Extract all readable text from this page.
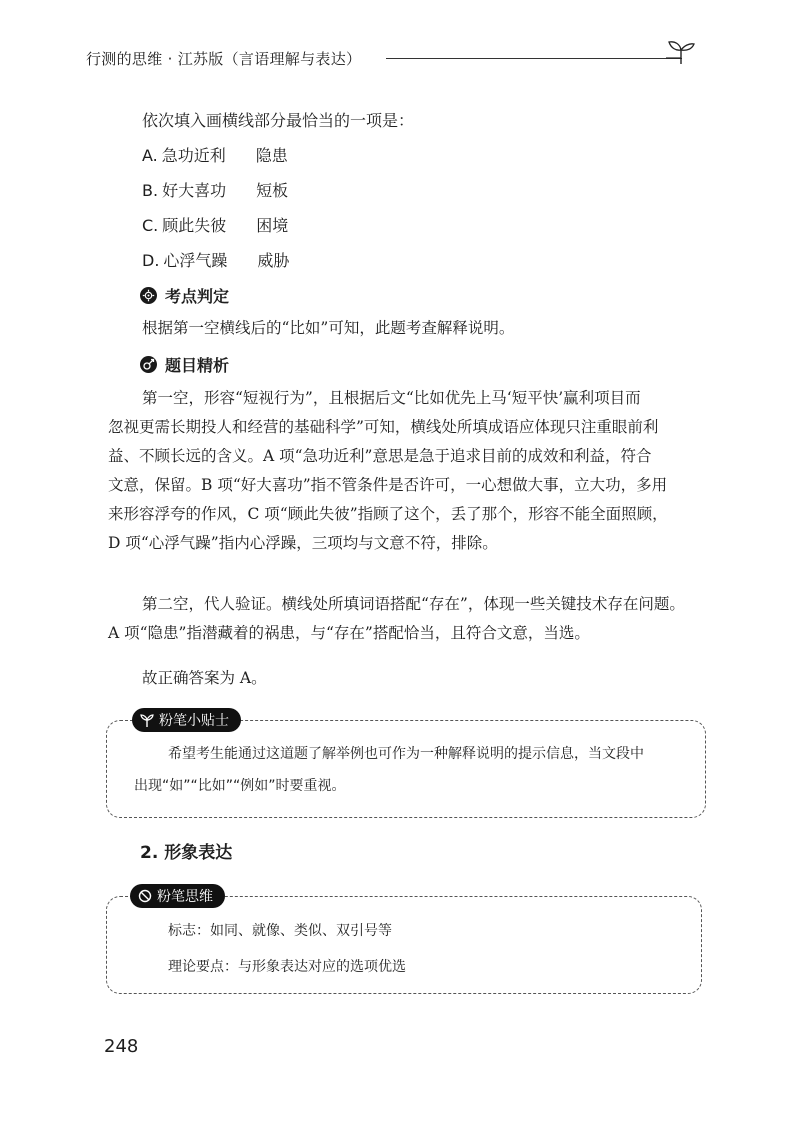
行测的思维 · 江苏版（言语理解与表达）
依次填入画横线部分最恰当的一项是：
A. 急功近利 隐患
B. 好大喜功 短板
C. 顾此失彼 困境
D. 心浮气躁 威胁
考点判定
根据第一空横线后的“比如”可知，此题考查解释说明。
题目精析
第一空，形容“短视行为”，且根据后文“比如优先上马‘短平快’赢利项目而
忽视更需长期投人和经营的基础科学”可知，横线处所填成语应体现只注重眼前利
益、不顾长远的含义。A 项“急功近利”意思是急于追求目前的成效和利益，符合
文意，保留。B 项“好大喜功”指不管条件是否许可，一心想做大事，立大功，多用
来形容浮夸的作风，C 项“顾此失彼”指顾了这个，丢了那个，形容不能全面照顾，
D 项“心浮气躁”指内心浮躁，三项均与文意不符，排除。
第二空，代人验证。横线处所填词语搭配“存在”，体现一些关键技术存在问题。
A 项“隐患”指潜藏着的祸患，与“存在”搭配恰当，且符合文意，当选。
故正确答案为 A。
粉笔小贴士
希望考生能通过这道题了解举例也可作为一种解释说明的提示信息，当文段中
出现“如”“比如”“例如”时要重视。
2. 形象表达
粉笔思维
标志：如同、就像、类似、双引号等
理论要点：与形象表达对应的选项优选
248
